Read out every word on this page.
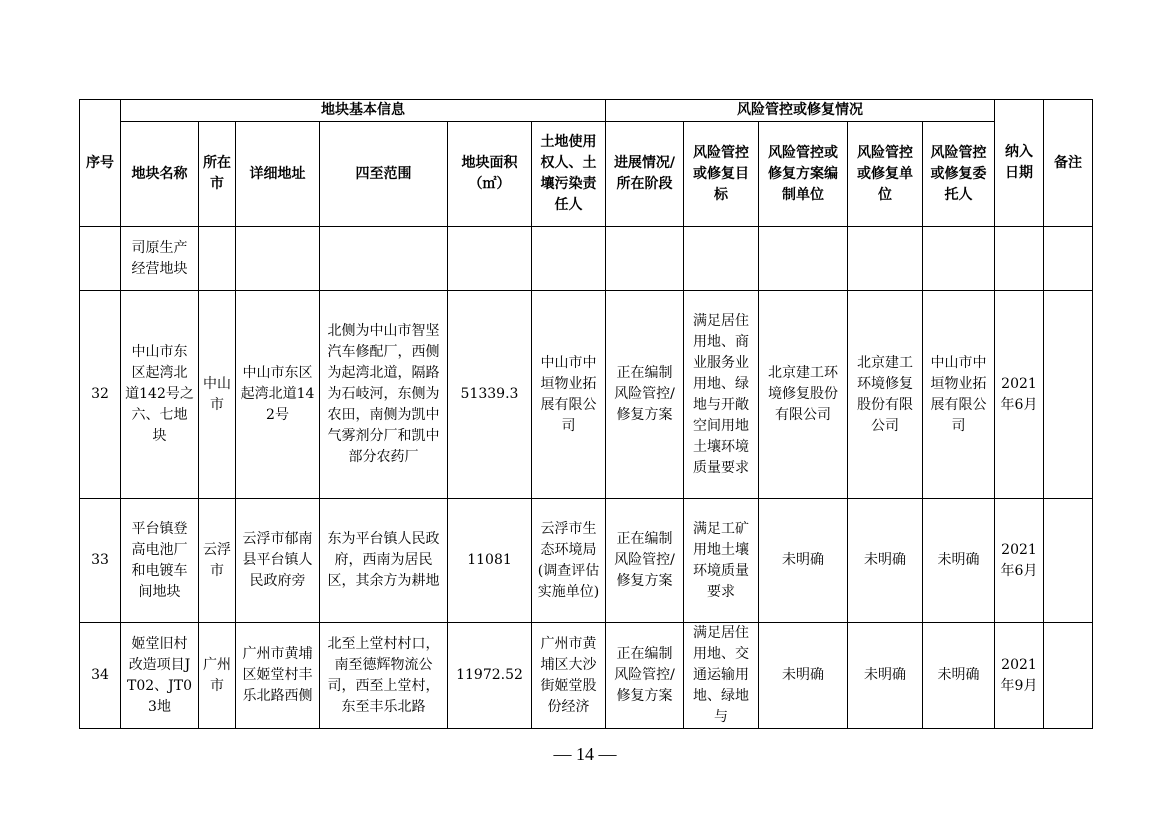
序号	地块基本信息						风险管控或修复情况					纳入日期	备注
	地块名称	所在市	详细地址	四至范围	地块面积（㎡）	土地使用权人、土壤污染责任人	进展情况/所在阶段	风险管控或修复目标	风险管控或修复方案编制单位	风险管控或修复单位	风险管控或修复委托人		
	司原生产经营地块												
32	中山市东区起湾北道142号之六、七地块	中山市	中山市东区起湾北道142号	北侧为中山市智坚汽车修配厂，西侧为起湾北道，隔路为石岐河，东侧为农田，南侧为凯中气雾剂分厂和凯中部分农药厂	51339.3	中山市中垣物业拓展有限公司	正在编制风险管控/修复方案	满足居住用地、商业服务业用地、绿地与开敞空间用地土壤环境质量要求	北京建工环境修复股份有限公司	北京建工环境修复股份有限公司	中山市中垣物业拓展有限公司	2021年6月	
33	平台镇登高电池厂和电镀车间地块	云浮市	云浮市郁南县平台镇人民政府旁	东为平台镇人民政府，西南为居民区，其余方为耕地	11081	云浮市生态环境局(调查评估实施单位)	正在编制风险管控/修复方案	满足工矿用地土壤环境质量要求	未明确	未明确	未明确	2021年6月	
34	姬堂旧村改造项目JT02、JT03地	广州市	广州市黄埔区姬堂村丰乐北路西侧	北至上堂村村口，南至德辉物流公司，西至上堂村，东至丰乐北路	11972.52	广州市黄埔区大沙街姬堂股份经济	正在编制风险管控/修复方案	满足居住用地、交通运输用地、绿地与	未明确	未明确	未明确	2021年9月	
— 14 —
